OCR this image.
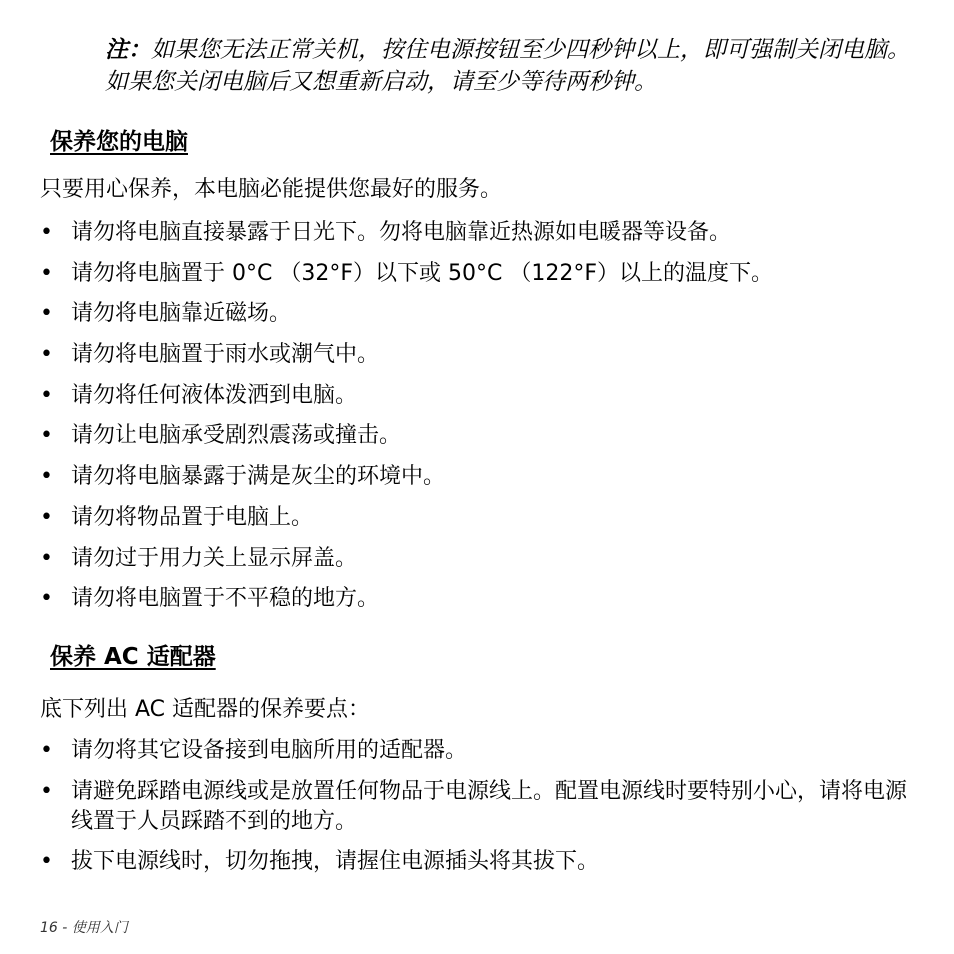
注：如果您无法正常关机，按住电源按钮至少四秒钟以上，即可强制关闭电脑。如果您关闭电脑后又想重新启动，请至少等待两秒钟。
保养您的电脑
只要用心保养，本电脑必能提供您最好的服务。
• 请勿将电脑直接暴露于日光下。勿将电脑靠近热源如电暖器等设备。
• 请勿将电脑置于 0°C （32°F）以下或 50°C （122°F）以上的温度下。
• 请勿将电脑靠近磁场。
• 请勿将电脑置于雨水或潮气中。
• 请勿将任何液体泼洒到电脑。
• 请勿让电脑承受剧烈震荡或撞击。
• 请勿将电脑暴露于满是灰尘的环境中。
• 请勿将物品置于电脑上。
• 请勿过于用力关上显示屏盖。
• 请勿将电脑置于不平稳的地方。
保养 AC 适配器
底下列出 AC 适配器的保养要点：
• 请勿将其它设备接到电脑所用的适配器。
• 请避免踩踏电源线或是放置任何物品于电源线上。配置电源线时要特别小心，请将电源线置于人员踩踏不到的地方。
• 拔下电源线时，切勿拖拽，请握住电源插头将其拔下。
16 - 使用入门
